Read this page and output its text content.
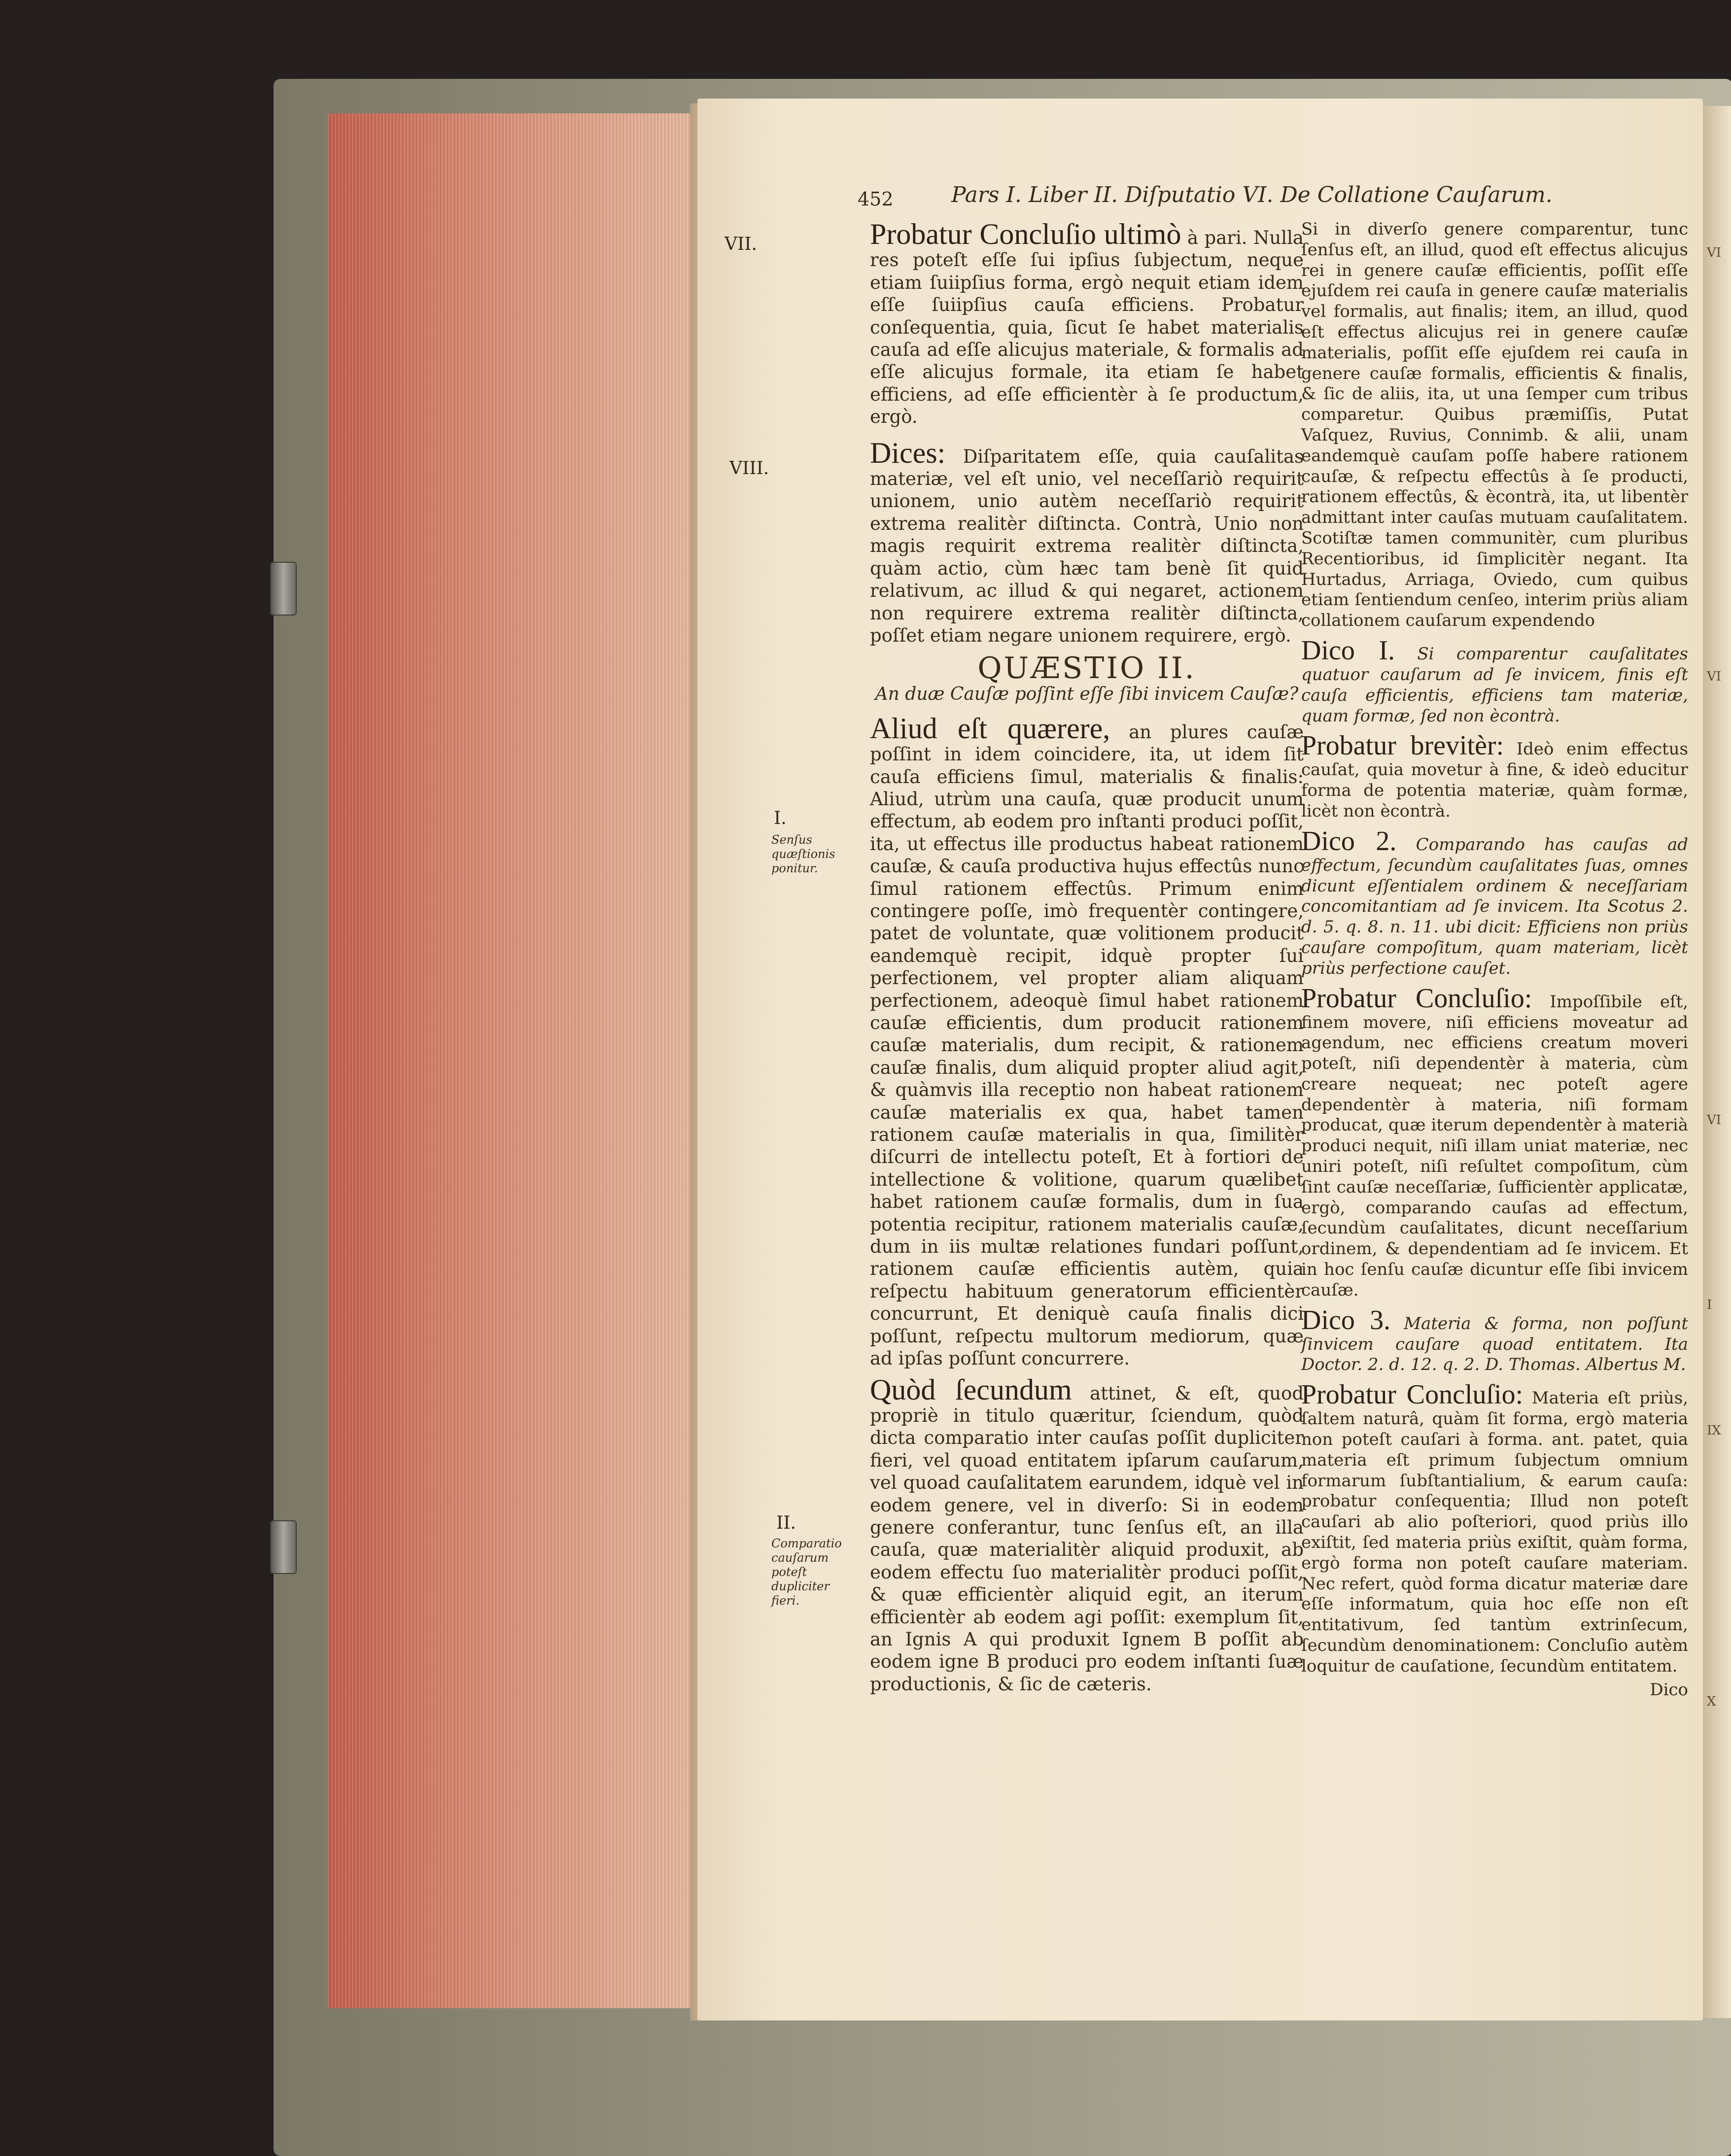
452	Pars I. Liber II. Diſputatio VI. De Collatione Cauſarum.
VII.
VIII.
I.
Senſus quæſtionis ponitur.
II.
Comparatio cauſarum poteſt dupliciter fieri.

Probatur Concluſio ultimò à pari. Nulla res poteſt eſſe ſui ipſius ſubjectum, neque etiam ſuiipſius forma, ergò nequit etiam idem eſſe ſuiipſius cauſa efficiens. Probatur conſequentia, quia, ſicut ſe habet materialis cauſa ad eſſe alicujus materiale, & formalis ad eſſe alicujus formale, ita etiam ſe habet efficiens, ad eſſe efficientèr à ſe productum, ergò.

Dices: Diſparitatem eſſe, quia cauſalitas materiæ, vel eſt unio, vel neceſſariò requirit unionem, unio autèm neceſſariò requirit extrema realitèr diſtincta. Contrà, Unio non magis requirit extrema realitèr diſtincta, quàm actio, cùm hæc tam benè ſit quid relativum, ac illud & qui negaret, actionem non requirere extrema realitèr diſtincta, poſſet etiam negare unionem requirere, ergò.

QUÆSTIO II.
An duæ Cauſæ poſſint eſſe ſibi invicem Cauſæ?

Aliud eſt quærere, an plures cauſæ poſſint in idem coincidere, ita, ut idem ſit cauſa efficiens ſimul, materialis & finalis: Aliud, utrùm una cauſa, quæ producit unum effectum, ab eodem pro inſtanti produci poſſit, ita, ut effectus ille productus habeat rationem cauſæ, & cauſa productiva hujus effectûs nunc ſimul rationem effectûs. Primum enim contingere poſſe, imò frequentèr contingere, patet de voluntate, quæ volitionem producit eandemquè recipit, idquè propter ſui perfectionem, vel propter aliam aliquam perfectionem, adeoquè ſimul habet rationem cauſæ efficientis, dum producit rationem cauſæ materialis, dum recipit, & rationem cauſæ finalis, dum aliquid propter aliud agit, & quàmvis illa receptio non habeat rationem cauſæ materialis ex qua, habet tamen rationem cauſæ materialis in qua, ſimilitèr diſcurri de intellectu poteſt, Et à fortiori de intellectione & volitione, quarum quælibet habet rationem cauſæ formalis, dum in ſua potentia recipitur, rationem materialis cauſæ, dum in iis multæ relationes fundari poſſunt, rationem cauſæ efficientis autèm, quia reſpectu habituum generatorum efficientèr concurrunt, Et deniquè cauſa finalis dici poſſunt, reſpectu multorum mediorum, quæ ad ipſas poſſunt concurrere.

Quòd ſecundum attinet, & eſt, quod propriè in titulo quæritur, ſciendum, quòd dicta comparatio inter cauſas poſſit dupliciter fieri, vel quoad entitatem ipſarum cauſarum, vel quoad cauſalitatem earundem, idquè vel in eodem genere, vel in diverſo: Si in eodem genere conferantur, tunc ſenſus eſt, an illa cauſa, quæ materialitèr aliquid produxit, ab eodem effectu ſuo materialitèr produci poſſit, & quæ efficientèr aliquid egit, an iterum efficientèr ab eodem agi poſſit: exemplum ſit, an Ignis A qui produxit Ignem B poſſit ab eodem igne B produci pro eodem inſtanti ſuæ productionis, & ſic de cæteris.

Si in diverſo genere comparentur, tunc ſenſus eſt, an illud, quod eſt effectus alicujus rei in genere cauſæ efficientis, poſſit eſſe ejuſdem rei cauſa in genere cauſæ materialis vel formalis, aut finalis; item, an illud, quod eſt effectus alicujus rei in genere cauſæ materialis, poſſit eſſe ejuſdem rei cauſa in genere cauſæ formalis, efficientis & finalis, & ſic de aliis, ita, ut una ſemper cum tribus comparetur. Quibus præmiſſis, Putat Vaſquez, Ruvius, Connimb. & alii, unam eandemquè cauſam poſſe habere rationem cauſæ, & reſpectu effectûs à ſe producti, rationem effectûs, & ècontrà, ita, ut libentèr admittant inter cauſas mutuam cauſalitatem. Scotiſtæ tamen communitèr, cum pluribus Recentioribus, id ſimplicitèr negant. Ita Hurtadus, Arriaga, Oviedo, cum quibus etiam ſentiendum cenſeo, interim priùs aliam collationem cauſarum expendendo

Dico I. Si comparentur cauſalitates quatuor cauſarum ad ſe invicem, finis eſt cauſa efficientis, efficiens tam materiæ, quam formæ, ſed non ècontrà.

Probatur brevitèr: Ideò enim effectus cauſat, quia movetur à fine, & ideò educitur forma de potentia materiæ, quàm formæ, licèt non ècontrà.

Dico 2. Comparando has cauſas ad effectum, ſecundùm cauſalitates ſuas, omnes dicunt eſſentialem ordinem & neceſſariam concomitantiam ad ſe invicem. Ita Scotus 2. d. 5. q. 8. n. 11. ubi dicit: Efficiens non priùs cauſare compoſitum, quam materiam, licèt priùs perfectione cauſet.

Probatur Concluſio: Impoſſibile eſt, finem movere, niſi efficiens moveatur ad agendum, nec efficiens creatum moveri poteſt, niſi dependentèr à materia, cùm creare nequeat; nec poteſt agere dependentèr à materia, niſi formam producat, quæ iterum dependentèr à materià produci nequit, niſi illam uniat materiæ, nec uniri poteſt, niſi reſultet compoſitum, cùm ſint cauſæ neceſſariæ, ſufficientèr applicatæ, ergò, comparando cauſas ad effectum, ſecundùm cauſalitates, dicunt neceſſarium ordinem, & dependentiam ad ſe invicem. Et in hoc ſenſu cauſæ dicuntur eſſe ſibi invicem cauſæ.

Dico 3. Materia & forma, non poſſunt ſinvicem cauſare quoad entitatem. Ita Doctor. 2. d. 12. q. 2. D. Thomas. Albertus M.

Probatur Concluſio: Materia eſt priùs, ſaltem naturâ, quàm ſit forma, ergò materia non poteſt cauſari à forma. ant. patet, quia materia eſt primum ſubjectum omnium formarum ſubſtantialium, & earum cauſa: probatur conſequentia; Illud non poteſt cauſari ab alio poſteriori, quod priùs illo exiſtit, ſed materia priùs exiſtit, quàm forma, ergò forma non poteſt cauſare materiam. Nec refert, quòd forma dicatur materiæ dare eſſe informatum, quia hoc eſſe non eſt entitativum, ſed tantùm extrinſecum, ſecundùm denominationem: Concluſio autèm loquitur de cauſatione, ſecundùm entitatem.

Dico
VI
VI
VI
I
IX
X
